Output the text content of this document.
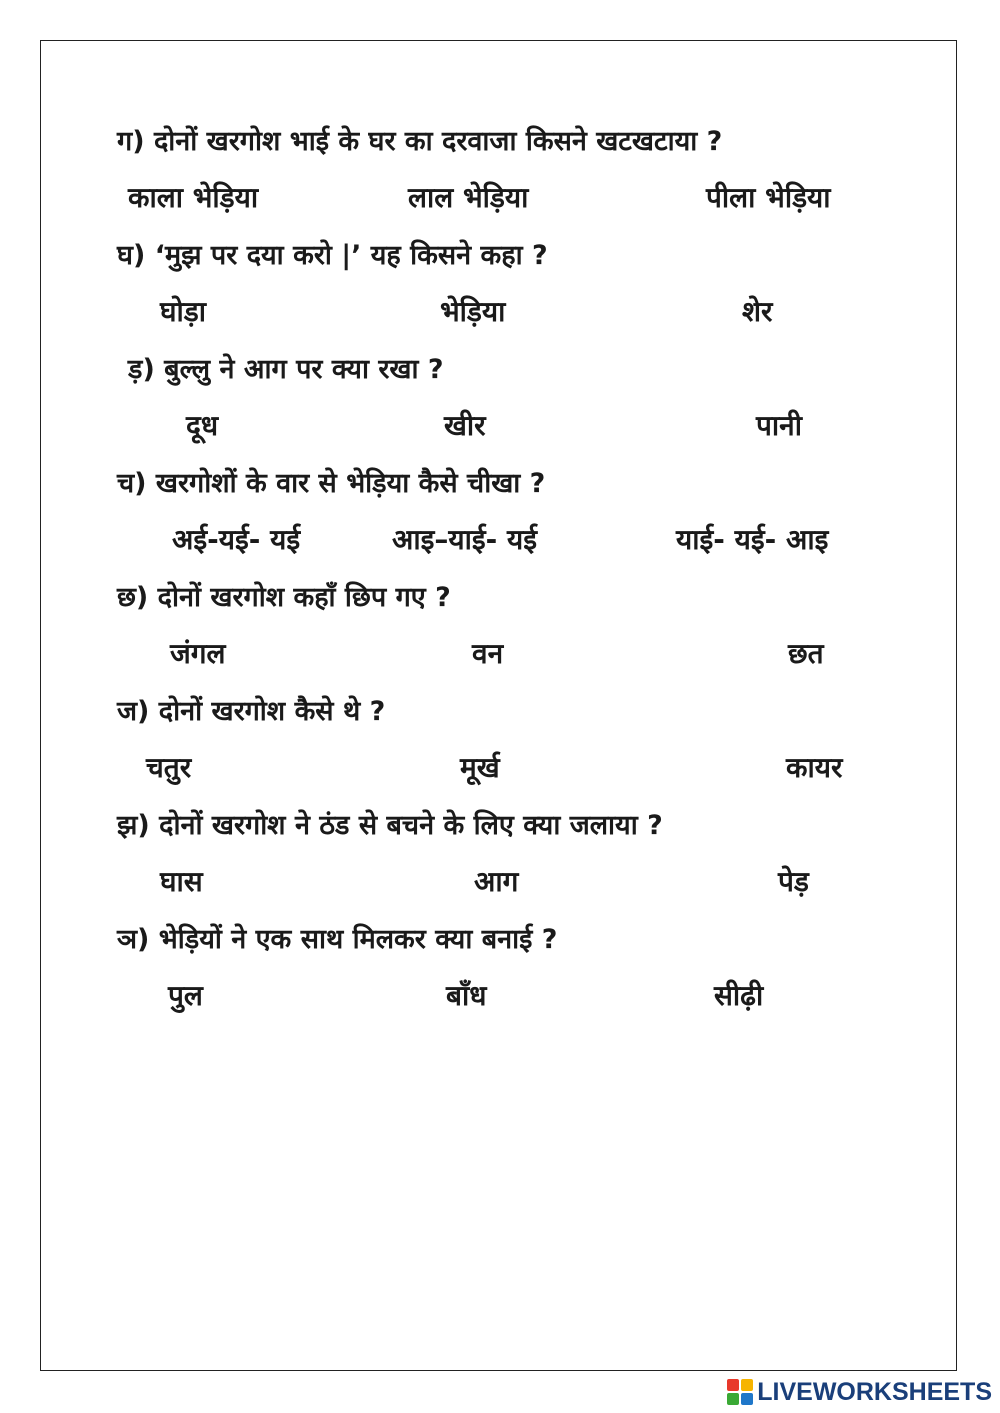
ग) दोनों खरगोश भाई के घर का दरवाजा किसने खटखटाया ?
काला भेड़िया	लाल भेड़िया	पीला भेड़िया
घ) ‘मुझ पर दया करो |’ यह किसने कहा ?
घोड़ा	भेड़िया	शेर
ड़) बुल्लु ने आग पर क्या रखा ?
दूध	खीर	पानी
च) खरगोशों के वार से भेड़िया कैसे चीखा ?
अई-यई- यई	आइ–याई- यई	याई- यई- आइ
छ) दोनों खरगोश कहाँ छिप गए ?
जंगल	वन	छत
ज) दोनों खरगोश कैसे थे ?
चतुर	मूर्ख	कायर
झ) दोनों खरगोश ने ठंड से बचने के लिए क्या जलाया ?
घास	आग	पेड़
ञ) भेड़ियों ने एक साथ मिलकर क्या बनाई ?
पुल	बाँध	सीढ़ी
LIVEWORKSHEETS
